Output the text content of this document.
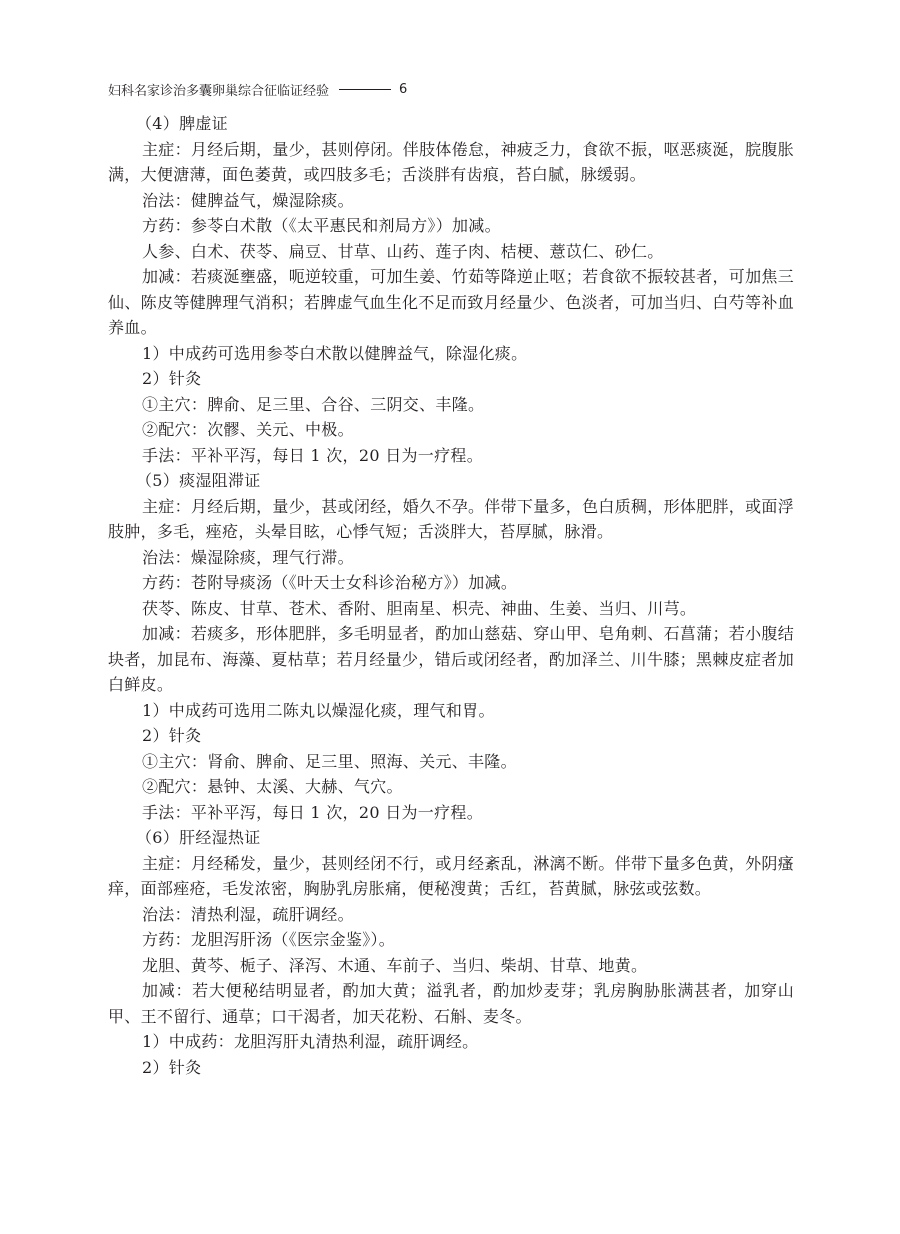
妇科名家诊治多囊卵巢综合征临证经验	6

（4）脾虚证

主症：月经后期，量少，甚则停闭。伴肢体倦怠，神疲乏力，食欲不振，呕恶痰涎，脘腹胀满，大便溏薄，面色萎黄，或四肢多毛；舌淡胖有齿痕，苔白腻，脉缓弱。

治法：健脾益气，燥湿除痰。

方药：参苓白术散（《太平惠民和剂局方》）加减。

人参、白术、茯苓、扁豆、甘草、山药、莲子肉、桔梗、薏苡仁、砂仁。

加减：若痰涎壅盛，呃逆较重，可加生姜、竹茹等降逆止呕；若食欲不振较甚者，可加焦三仙、陈皮等健脾理气消积；若脾虚气血生化不足而致月经量少、色淡者，可加当归、白芍等补血养血。

1）中成药可选用参苓白术散以健脾益气，除湿化痰。

2）针灸

①主穴：脾俞、足三里、合谷、三阴交、丰隆。

②配穴：次髎、关元、中极。

手法：平补平泻，每日 1 次，20 日为一疗程。

（5）痰湿阻滞证

主症：月经后期，量少，甚或闭经，婚久不孕。伴带下量多，色白质稠，形体肥胖，或面浮肢肿，多毛，痤疮，头晕目眩，心悸气短；舌淡胖大，苔厚腻，脉滑。

治法：燥湿除痰，理气行滞。

方药：苍附导痰汤（《叶天士女科诊治秘方》）加减。

茯苓、陈皮、甘草、苍术、香附、胆南星、枳壳、神曲、生姜、当归、川芎。

加减：若痰多，形体肥胖，多毛明显者，酌加山慈菇、穿山甲、皂角刺、石菖蒲；若小腹结块者，加昆布、海藻、夏枯草；若月经量少，错后或闭经者，酌加泽兰、川牛膝；黑棘皮症者加白鲜皮。

1）中成药可选用二陈丸以燥湿化痰，理气和胃。

2）针灸

①主穴：肾俞、脾俞、足三里、照海、关元、丰隆。

②配穴：悬钟、太溪、大赫、气穴。

手法：平补平泻，每日 1 次，20 日为一疗程。

（6）肝经湿热证

主症：月经稀发，量少，甚则经闭不行，或月经紊乱，淋漓不断。伴带下量多色黄，外阴瘙痒，面部痤疮，毛发浓密，胸胁乳房胀痛，便秘溲黄；舌红，苔黄腻，脉弦或弦数。

治法：清热利湿，疏肝调经。

方药：龙胆泻肝汤（《医宗金鉴》）。

龙胆、黄芩、栀子、泽泻、木通、车前子、当归、柴胡、甘草、地黄。

加减：若大便秘结明显者，酌加大黄；溢乳者，酌加炒麦芽；乳房胸胁胀满甚者，加穿山甲、王不留行、通草；口干渴者，加天花粉、石斛、麦冬。

1）中成药：龙胆泻肝丸清热利湿，疏肝调经。

2）针灸
